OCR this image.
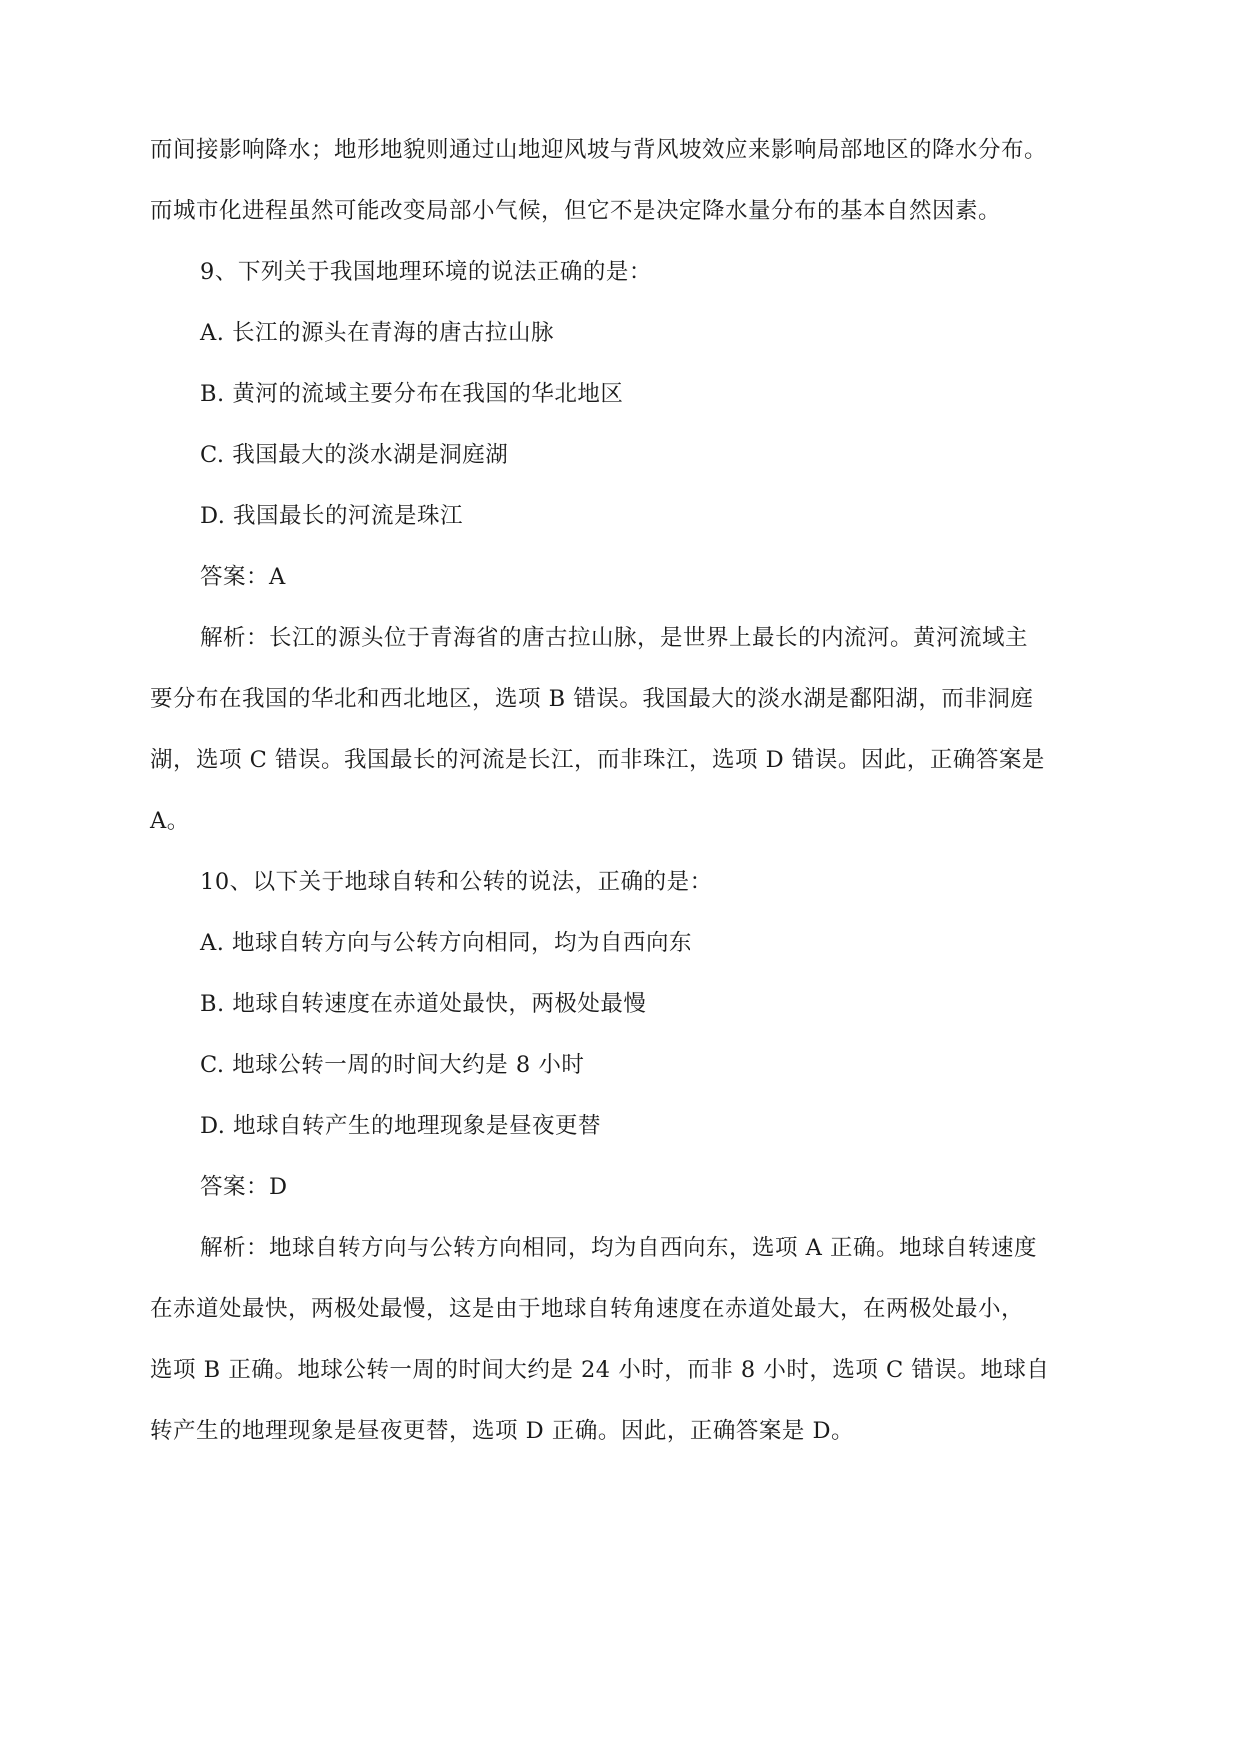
而间接影响降水；地形地貌则通过山地迎风坡与背风坡效应来影响局部地区的降水分布。
而城市化进程虽然可能改变局部小气候，但它不是决定降水量分布的基本自然因素。
9、下列关于我国地理环境的说法正确的是：
A. 长江的源头在青海的唐古拉山脉
B. 黄河的流域主要分布在我国的华北地区
C. 我国最大的淡水湖是洞庭湖
D. 我国最长的河流是珠江
答案：A
解析：长江的源头位于青海省的唐古拉山脉，是世界上最长的内流河。黄河流域主
要分布在我国的华北和西北地区，选项 B 错误。我国最大的淡水湖是鄱阳湖，而非洞庭
湖，选项 C 错误。我国最长的河流是长江，而非珠江，选项 D 错误。因此，正确答案是
A。
10、以下关于地球自转和公转的说法，正确的是：
A. 地球自转方向与公转方向相同，均为自西向东
B. 地球自转速度在赤道处最快，两极处最慢
C. 地球公转一周的时间大约是 8 小时
D. 地球自转产生的地理现象是昼夜更替
答案：D
解析：地球自转方向与公转方向相同，均为自西向东，选项 A 正确。地球自转速度
在赤道处最快，两极处最慢，这是由于地球自转角速度在赤道处最大，在两极处最小，
选项 B 正确。地球公转一周的时间大约是 24 小时，而非 8 小时，选项 C 错误。地球自
转产生的地理现象是昼夜更替，选项 D 正确。因此，正确答案是 D。
